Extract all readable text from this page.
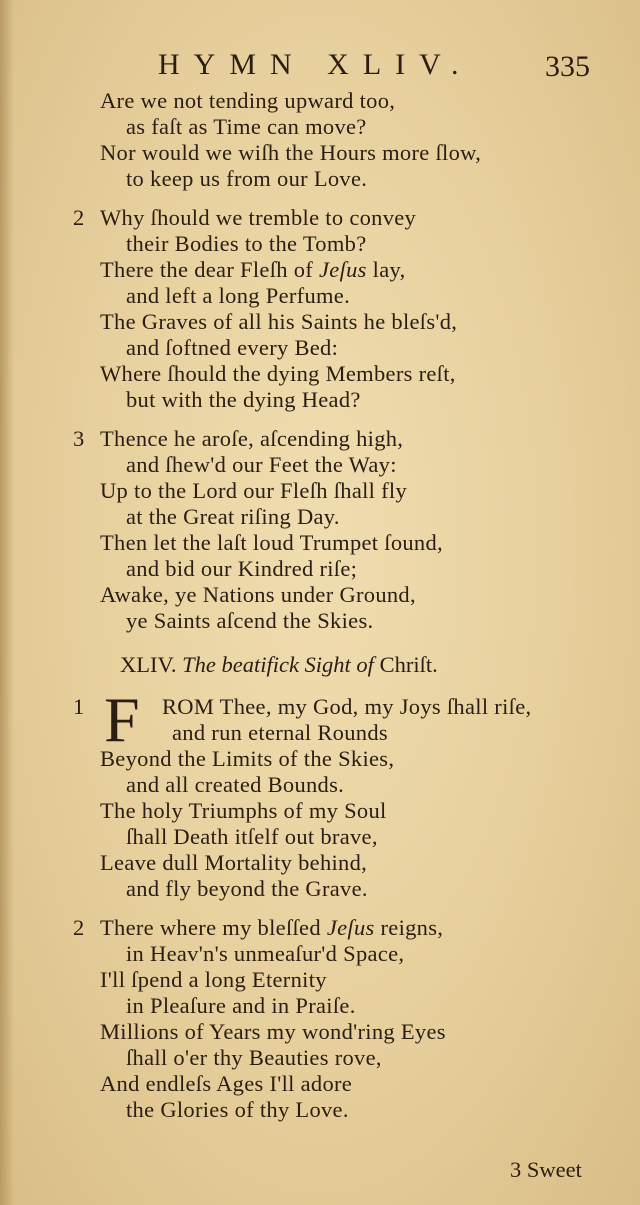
HYMN XLIV. 335
Are we not tending upward too,
as faſt as Time can move?
Nor would we wiſh the Hours more ſlow,
to keep us from our Love.
2 Why ſhould we tremble to convey
their Bodies to the Tomb?
There the dear Fleſh of Jeſus lay,
and left a long Perfume.
The Graves of all his Saints he bleſs'd,
and ſoftned every Bed:
Where ſhould the dying Members reſt,
but with the dying Head?
3 Thence he aroſe, aſcending high,
and ſhew'd our Feet the Way:
Up to the Lord our Fleſh ſhall fly
at the Great riſing Day.
Then let the laſt loud Trumpet ſound,
and bid our Kindred riſe;
Awake, ye Nations under Ground,
ye Saints aſcend the Skies.
XLIV. The beatifick Sight of Chriſt.
1 F ROM Thee, my God, my Joys ſhall riſe,
and run eternal Rounds
Beyond the Limits of the Skies,
and all created Bounds.
The holy Triumphs of my Soul
ſhall Death itſelf out brave,
Leave dull Mortality behind,
and fly beyond the Grave.
2 There where my bleſſed Jeſus reigns,
in Heav'n's unmeaſur'd Space,
I'll ſpend a long Eternity
in Pleaſure and in Praiſe.
Millions of Years my wond'ring Eyes
ſhall o'er thy Beauties rove,
And endleſs Ages I'll adore
the Glories of thy Love.
3 Sweet
